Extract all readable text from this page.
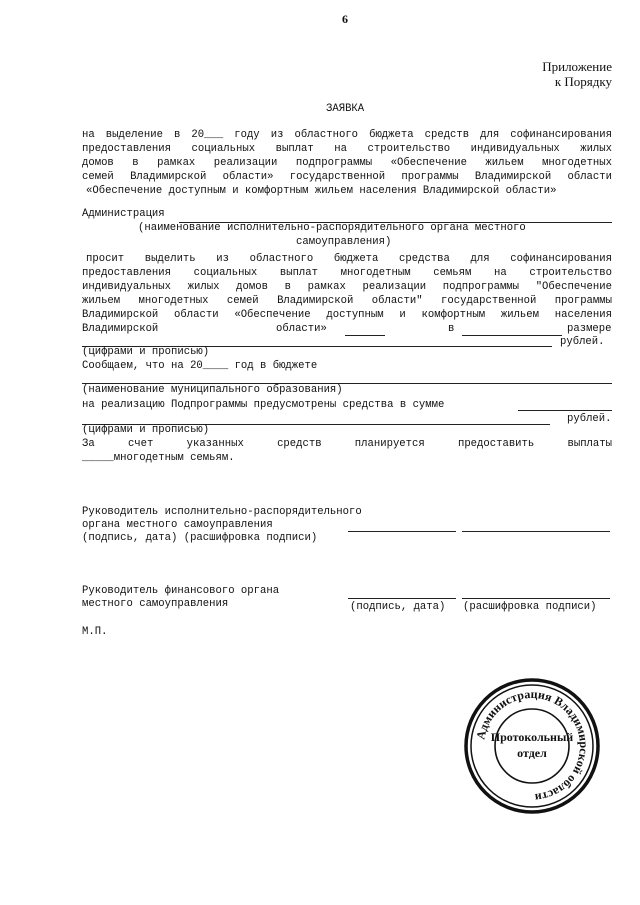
6
Приложение
к Порядку
ЗАЯВКА
на выделение в 20___ году из областного бюджета средств для софинансирования
предоставления социальных выплат на строительство индивидуальных жилых
домов в рамках реализации подпрограммы «Обеспечение жильем многодетных
семей Владимирской области» государственной программы Владимирской области
«Обеспечение доступным и комфортным жильем населения Владимирской области»
Администрация
(наименование исполнительно-распорядительного органа местного
самоуправления)
просит выделить из областного бюджета средства для софинансирования
предоставления социальных выплат многодетным семьям на строительство
индивидуальных жилых домов в рамках реализации подпрограммы "Обеспечение
жильем многодетных семей Владимирской области" государственной программы
Владимирской области «Обеспечение доступным и комфортным жильем населения
Владимирской	области»	в	размере
рублей.
(цифрами и прописью)
Сообщаем, что на 20____ год в бюджете
(наименование муниципального образования)
на реализацию Подпрограммы предусмотрены средства в сумме
рублей.
(цифрами и прописью)
За счет указанных средств планируется предоставить выплаты
_____многодетным семьям.
Руководитель исполнительно-распорядительного
органа местного самоуправления
(подпись, дата) (расшифровка подписи)
Руководитель финансового органа
местного самоуправления	(подпись, дата) (расшифровка подписи)
М.П.
Администрация Владимирской области
Протокольный
отдел
